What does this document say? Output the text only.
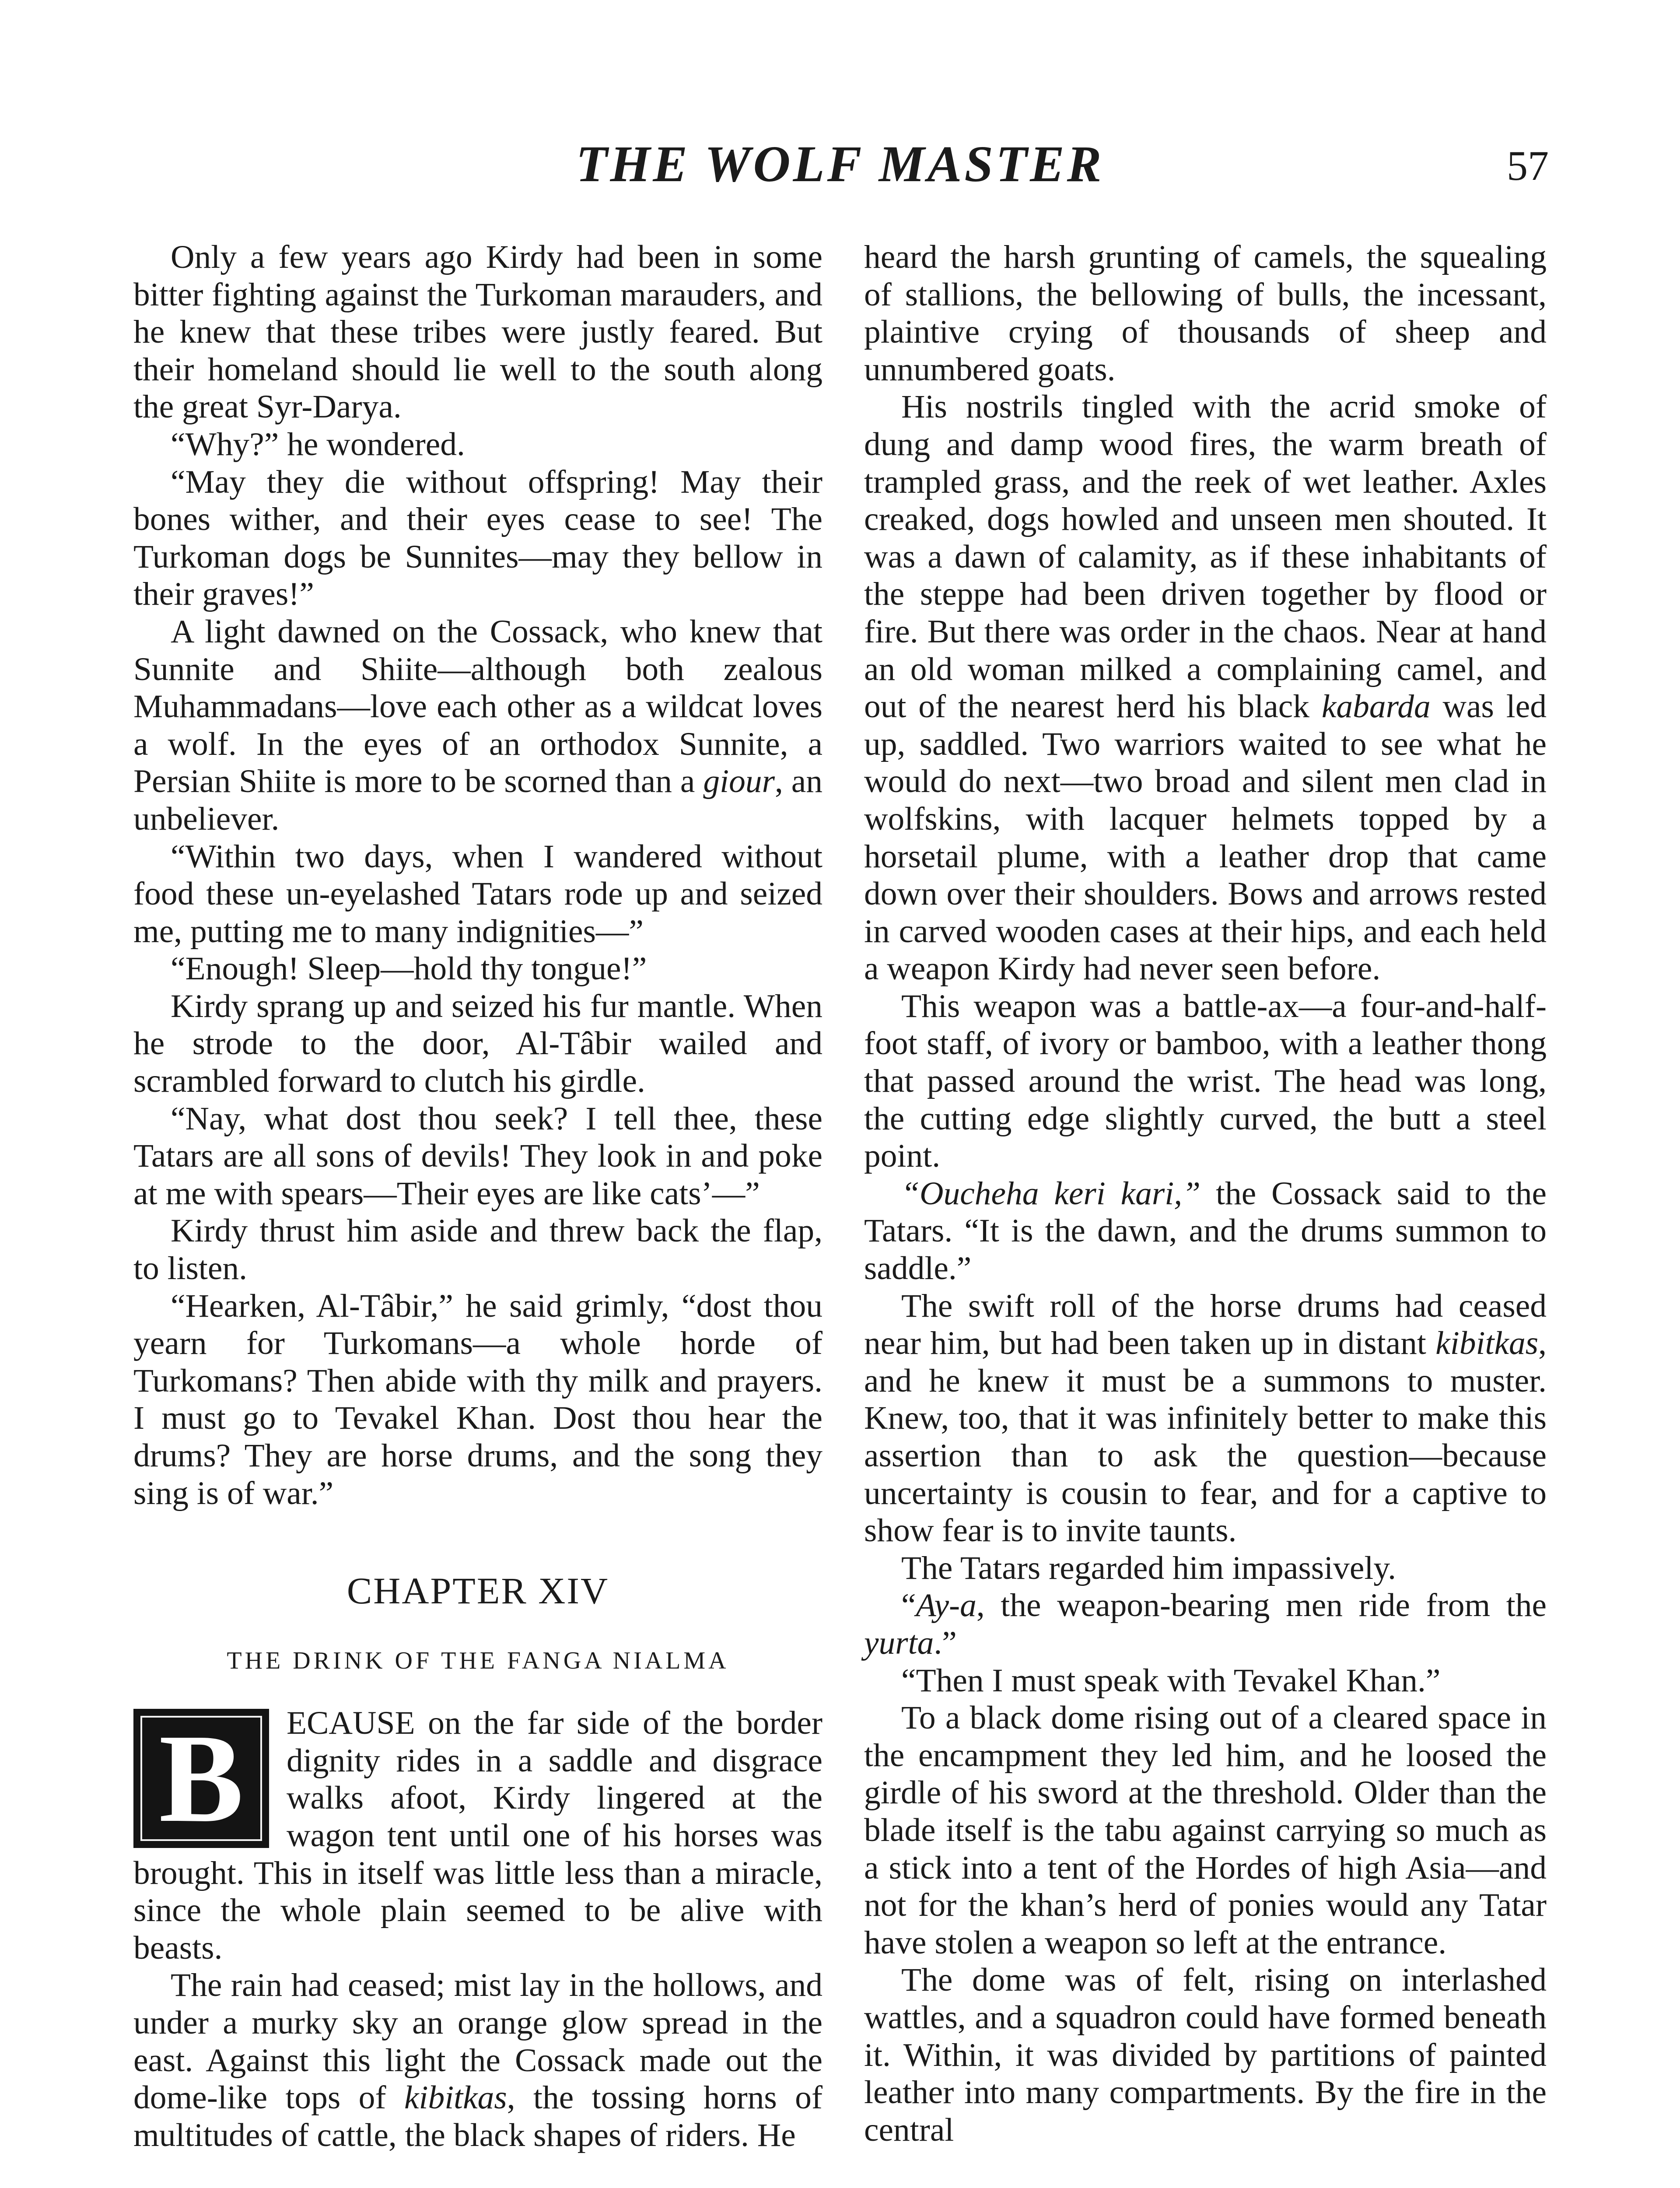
THE WOLF MASTER	57

Only a few years ago Kirdy had been in some bitter fighting against the Turkoman marauders, and he knew that these tribes were justly feared. But their homeland should lie well to the south along the great Syr-Darya.

“Why?” he wondered.

“May they die without offspring! May their bones wither, and their eyes cease to see! The Turkoman dogs be Sunnites—may they bellow in their graves!”

A light dawned on the Cossack, who knew that Sunnite and Shiite—although both zealous Muhammadans—love each other as a wildcat loves a wolf. In the eyes of an orthodox Sunnite, a Persian Shiite is more to be scorned than a giour, an unbeliever.

“Within two days, when I wandered without food these un-eyelashed Tatars rode up and seized me, putting me to many indignities—”

“Enough! Sleep—hold thy tongue!”

Kirdy sprang up and seized his fur mantle. When he strode to the door, Al-Tâbir wailed and scrambled forward to clutch his girdle.

“Nay, what dost thou seek? I tell thee, these Tatars are all sons of devils! They look in and poke at me with spears—Their eyes are like cats’—”

Kirdy thrust him aside and threw back the flap, to listen.

“Hearken, Al-Tâbir,” he said grimly, “dost thou yearn for Turkomans—a whole horde of Turkomans? Then abide with thy milk and prayers. I must go to Tevakel Khan. Dost thou hear the drums? They are horse drums, and the song they sing is of war.”

CHAPTER XIV
THE DRINK OF THE FANGA NIALMA

B ECAUSE on the far side of the border dignity rides in a saddle and disgrace walks afoot, Kirdy lingered at the wagon tent until one of his horses was brought. This in itself was little less than a miracle, since the whole plain seemed to be alive with beasts.

The rain had ceased; mist lay in the hollows, and under a murky sky an orange glow spread in the east. Against this light the Cossack made out the dome-like tops of kibitkas, the tossing horns of multitudes of cattle, the black shapes of riders. He

heard the harsh grunting of camels, the squealing of stallions, the bellowing of bulls, the incessant, plaintive crying of thousands of sheep and unnumbered goats.

His nostrils tingled with the acrid smoke of dung and damp wood fires, the warm breath of trampled grass, and the reek of wet leather. Axles creaked, dogs howled and unseen men shouted. It was a dawn of calamity, as if these inhabitants of the steppe had been driven together by flood or fire. But there was order in the chaos. Near at hand an old woman milked a complaining camel, and out of the nearest herd his black kabarda was led up, saddled. Two warriors waited to see what he would do next—two broad and silent men clad in wolfskins, with lacquer helmets topped by a horsetail plume, with a leather drop that came down over their shoulders. Bows and arrows rested in carved wooden cases at their hips, and each held a weapon Kirdy had never seen before.

This weapon was a battle-ax—a four-and-half-foot staff, of ivory or bamboo, with a leather thong that passed around the wrist. The head was long, the cutting edge slightly curved, the butt a steel point.

“Oucheha keri kari,” the Cossack said to the Tatars. “It is the dawn, and the drums summon to saddle.”

The swift roll of the horse drums had ceased near him, but had been taken up in distant kibitkas, and he knew it must be a summons to muster. Knew, too, that it was infinitely better to make this assertion than to ask the question—because uncertainty is cousin to fear, and for a captive to show fear is to invite taunts.

The Tatars regarded him impassively.

“Ay-a, the weapon-bearing men ride from the yurta.”

“Then I must speak with Tevakel Khan.”

To a black dome rising out of a cleared space in the encampment they led him, and he loosed the girdle of his sword at the threshold. Older than the blade itself is the tabu against carrying so much as a stick into a tent of the Hordes of high Asia—and not for the khan’s herd of ponies would any Tatar have stolen a weapon so left at the entrance.

The dome was of felt, rising on interlashed wattles, and a squadron could have formed beneath it. Within, it was divided by partitions of painted leather into many compartments. By the fire in the central
